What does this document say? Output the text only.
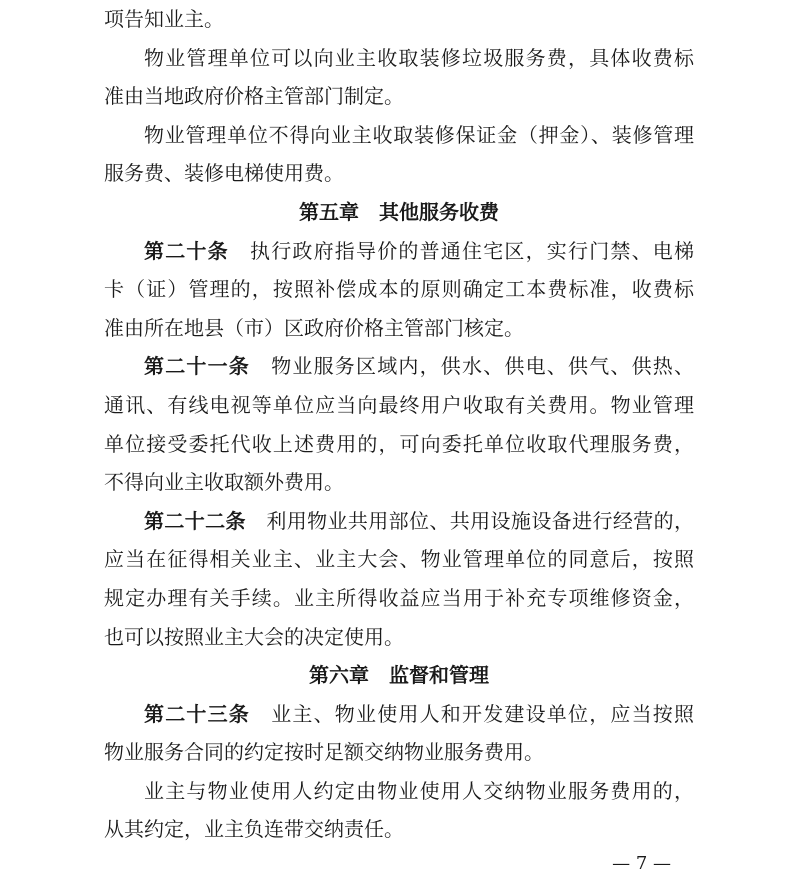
项告知业主。
物业管理单位可以向业主收取装修垃圾服务费，具体收费标
准由当地政府价格主管部门制定。
物业管理单位不得向业主收取装修保证金（押金）、装修管理
服务费、装修电梯使用费。
第五章 其他服务收费
第二十条 执行政府指导价的普通住宅区，实行门禁、电梯
卡（证）管理的，按照补偿成本的原则确定工本费标准，收费标
准由所在地县（市）区政府价格主管部门核定。
第二十一条 物业服务区域内，供水、供电、供气、供热、
通讯、有线电视等单位应当向最终用户收取有关费用。物业管理
单位接受委托代收上述费用的，可向委托单位收取代理服务费，
不得向业主收取额外费用。
第二十二条 利用物业共用部位、共用设施设备进行经营的，
应当在征得相关业主、业主大会、物业管理单位的同意后，按照
规定办理有关手续。业主所得收益应当用于补充专项维修资金，
也可以按照业主大会的决定使用。
第六章 监督和管理
第二十三条 业主、物业使用人和开发建设单位，应当按照
物业服务合同的约定按时足额交纳物业服务费用。
业主与物业使用人约定由物业使用人交纳物业服务费用的，
从其约定，业主负连带交纳责任。
— 7 —
